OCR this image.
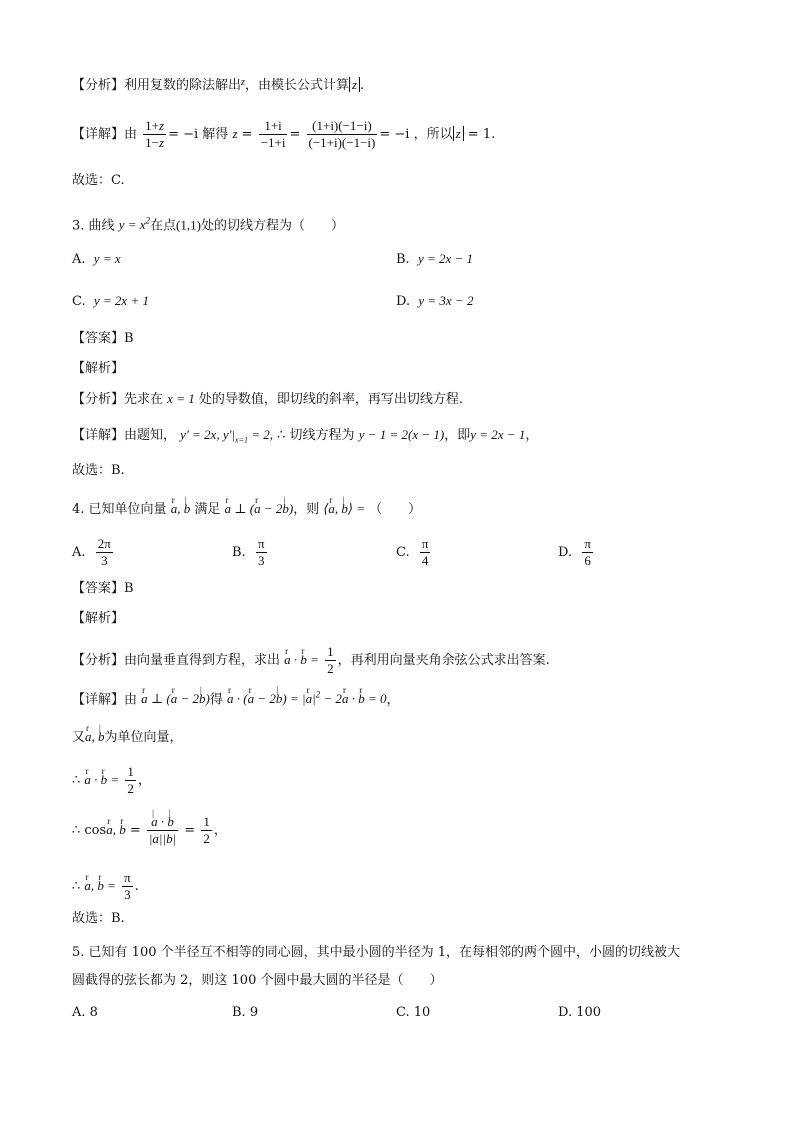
【分析】利用复数的除法解出$^z$，由模长公式计算 z .
【详解】由 $\frac{1+z}{1-z} = -i$ 解得 $z = \frac{1+i}{-1+i} = \frac{(1+i)(-1-i)}{(-1+i)(-1-i)} = -i$ ，所以 z = 1.
故选：C.
3. 曲线 $y = x^2$在点(1,1)处的切线方程为（　　）
A. y = x	B. y = 2x − 1
C. y = 2x + 1	D. y = 3x − 2
【答案】B
【解析】
【分析】先求在 x = 1 处的导数值，即切线的斜率，再写出切线方程.
【详解】由题知， y′ = 2x, $y'|_{x=1} = 2$, ∴ 切线方程为 y − 1 = 2(x − 1)，即y = 2x − 1，
故选：B.
4. 已知单位向量 r a, | b 满足 r a ⊥ (r a − 2| b)，则 ⟨r a, | b⟩ = （　　）
A. $\frac{2\pi}{3}$	B. $\frac{\pi}{3}$	C. $\frac{\pi}{4}$	D. $\frac{\pi}{6}$
【答案】B
【解析】
【分析】由向量垂直得到方程，求出 r a · r $b = \frac{1}{2}$ ，再利用向量夹角余弦公式求出答案.
【详解】由 r a ⊥ (r a − 2| b)得 r a · (r a − 2| b) = |r $a|^2 - 2r$ a · r b = 0，
又r a, | b为单位向量，
∴ r a · r $b = \frac{1}{2}$ ，
∴ cosr a, r b = | $\frac{a \cdot | b}{|a||b|} = \frac{1}{2}$ ，
∴ r a, r $b = \frac{\pi}{3}$ .
故选：B.
5. 已知有 100 个半径互不相等的同心圆，其中最小圆的半径为 1，在每相邻的两个圆中，小圆的切线被大
圆截得的弦长都为 2，则这 100 个圆中最大圆的半径是（　　）
A. 8	B. 9	C. 10	D. 100
